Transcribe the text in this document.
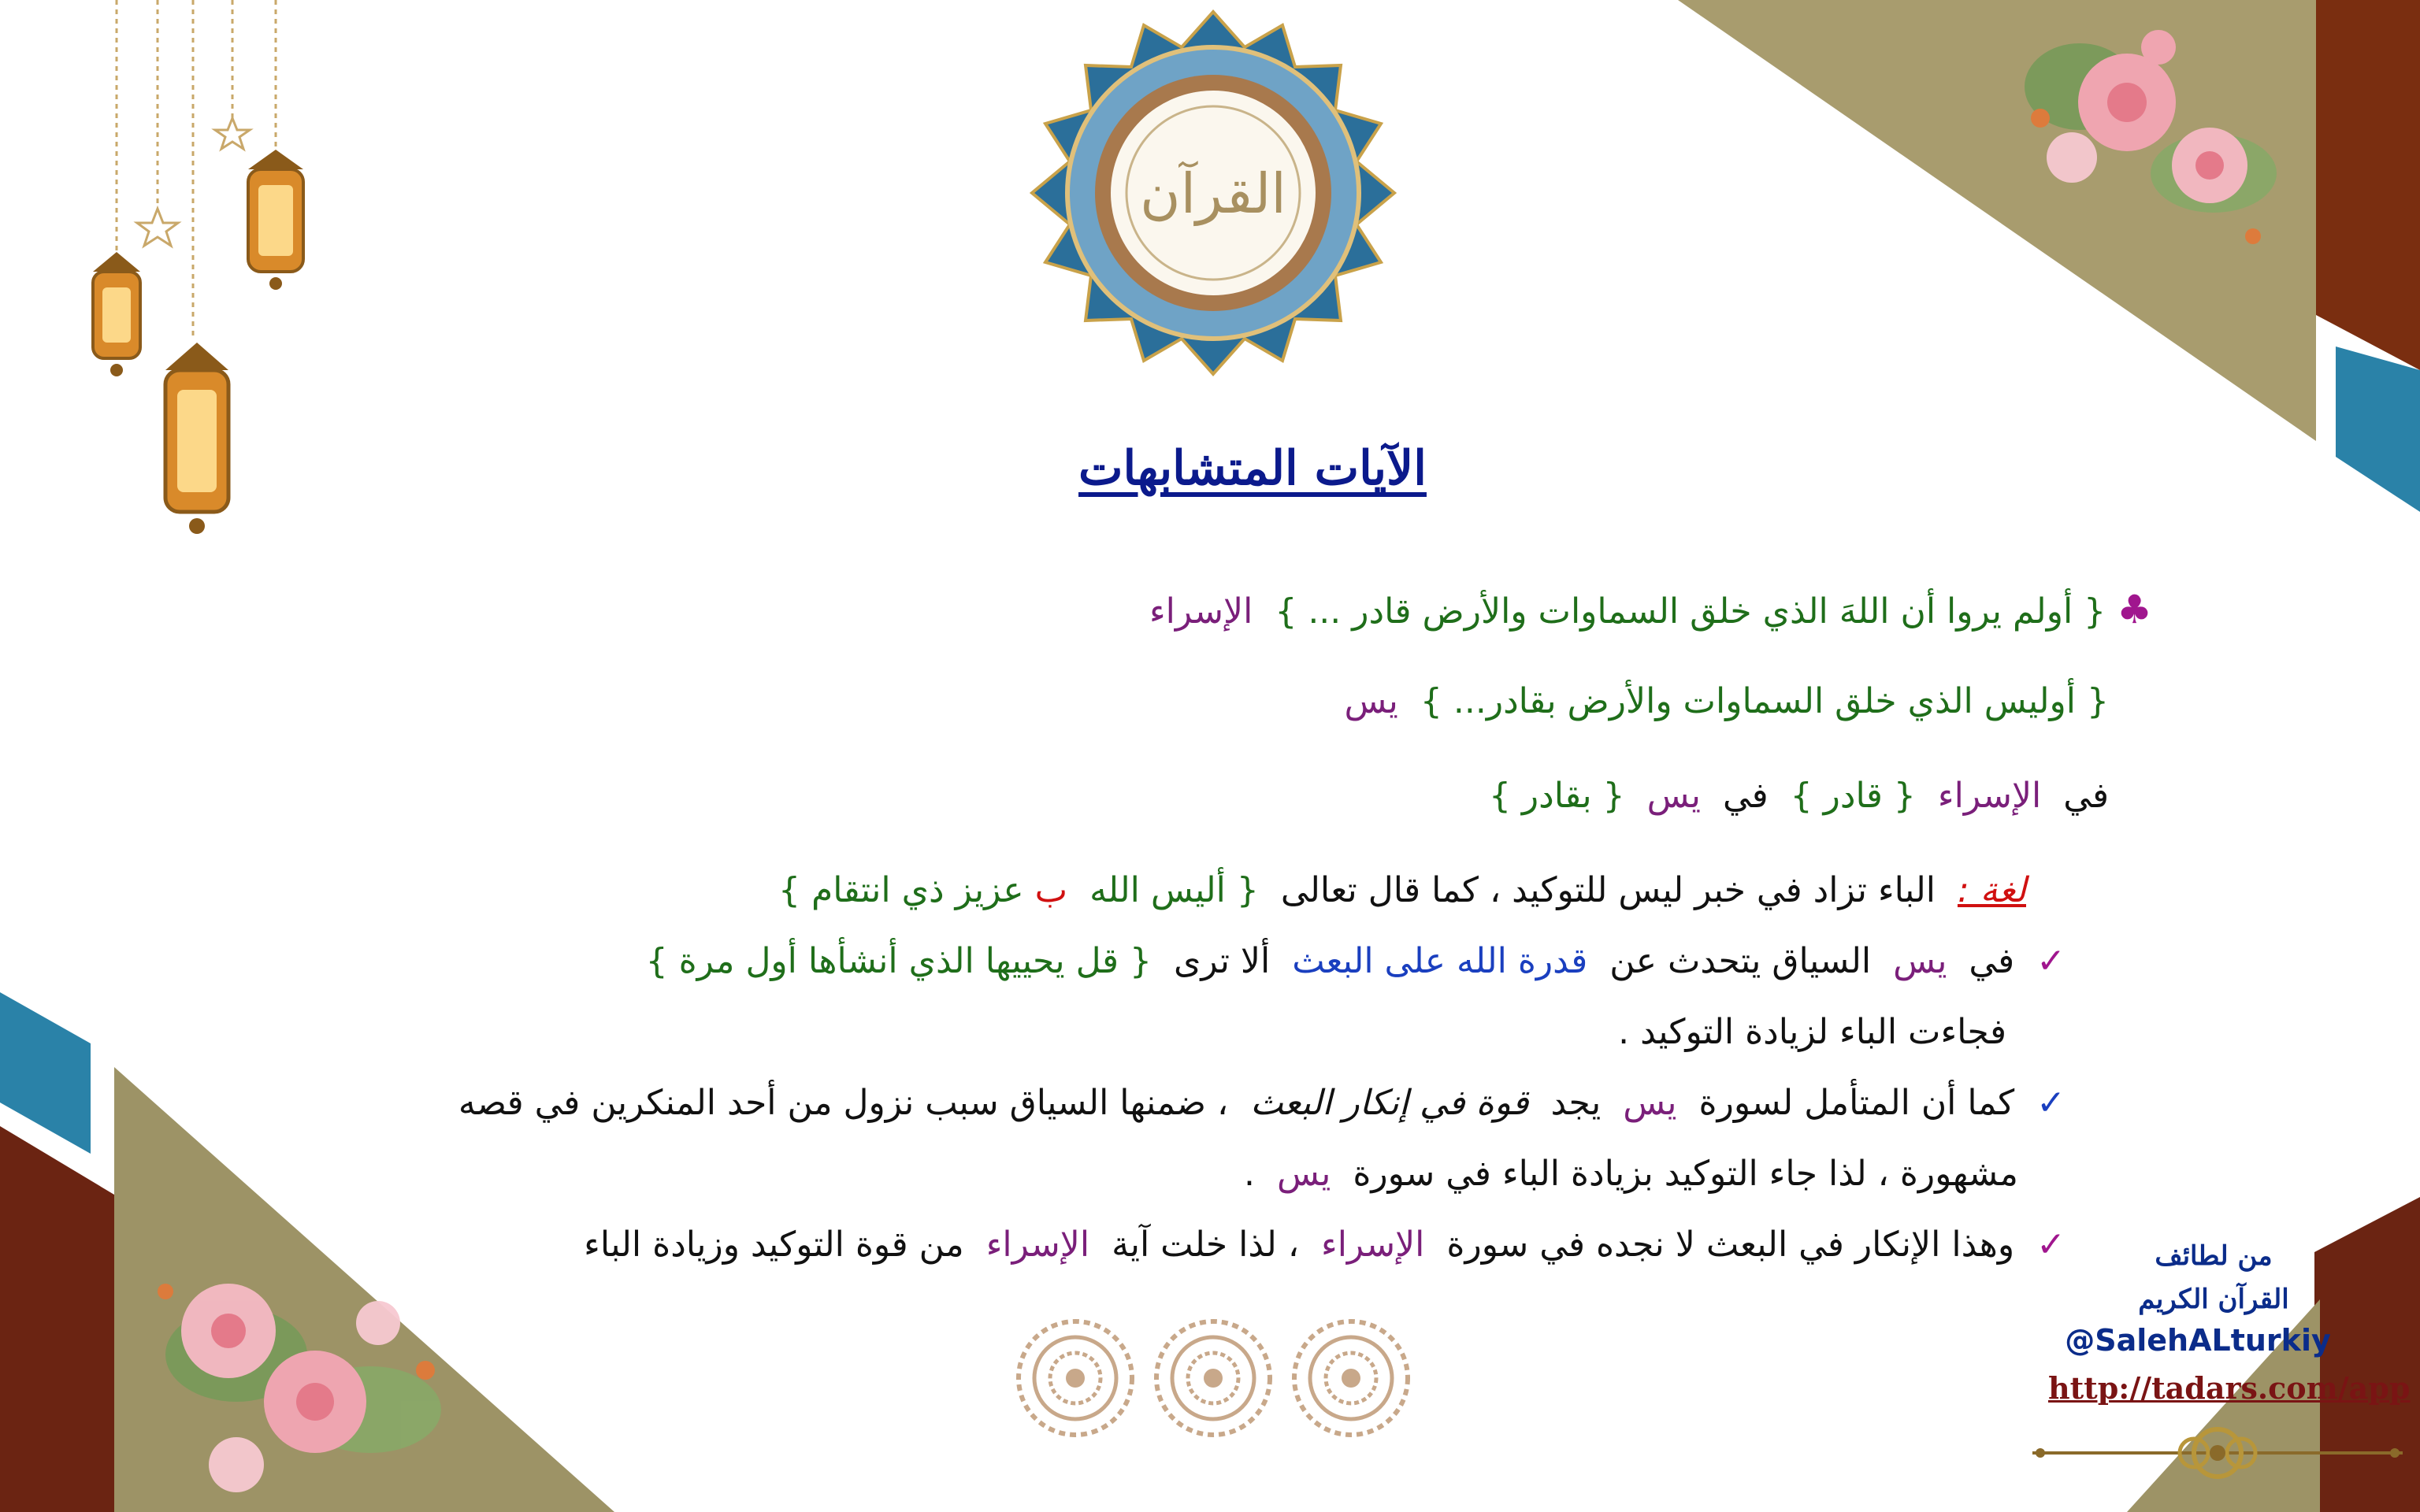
القرآن
الآيات المتشابهات
♣ { أولم يروا أن اللهَ الذي خلق السماوات والأرض قادر ... }  الإسراء
{ أوليس الذي خلق السماوات والأرض بقادر... }  يس
في  الإسراء  { قادر }  في  يس  { بقادر }
لغة :  الباء تزاد في خبر ليس للتوكيد ، كما قال تعالى  { أليس الله  ب عزيز ذي انتقام }
✓  في  يس  السياق يتحدث عن  قدرة الله على البعث  ألا ترى  { قل يحييها الذي أنشأها أول مرة }
فجاءت الباء لزيادة التوكيد .
✓  كما أن المتأمل لسورة  يس  يجد  قوة في إنكار البعث  ، ضمنها السياق سبب نزول من أحد المنكرين في قصه
مشهورة ، لذا جاء التوكيد بزيادة الباء في سورة  يس  .
✓  وهذا الإنكار في البعث لا نجده في سورة  الإسراء  ، لذا خلت آية  الإسراء  من قوة التوكيد وزيادة الباء	من لطائف
القرآن الكريم
@SalehALturkiy
http://tadars.com/app
